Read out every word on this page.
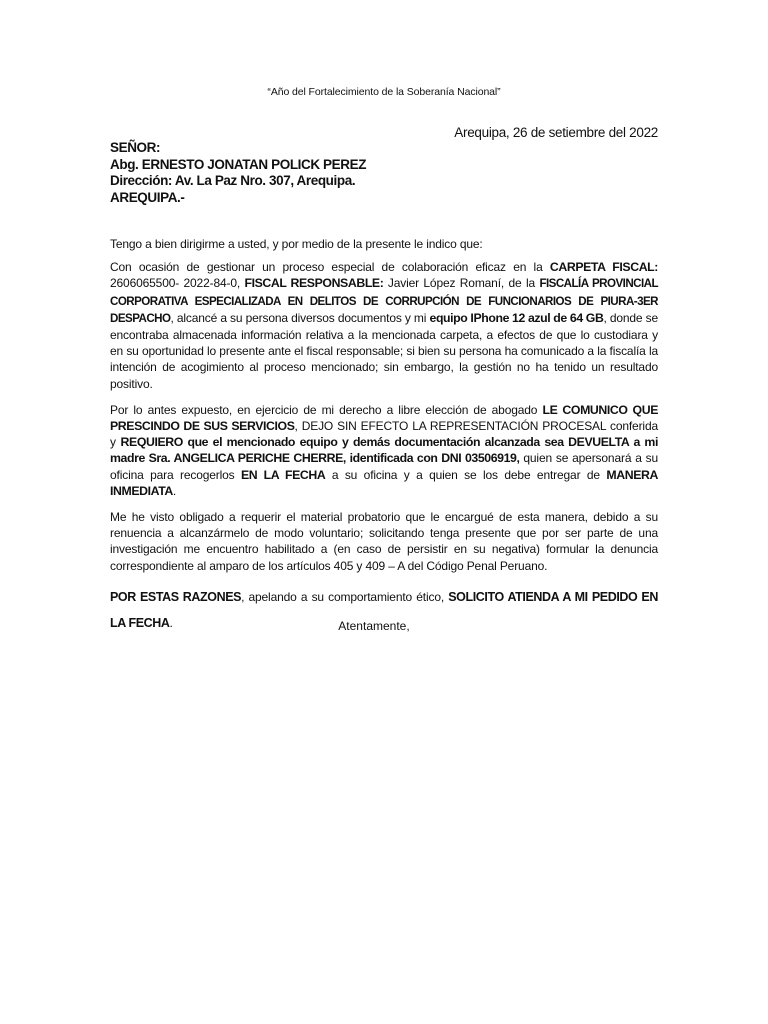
“Año del Fortalecimiento de la Soberanía Nacional”
Arequipa, 26 de setiembre del 2022
SEÑOR:
Abg. ERNESTO JONATAN POLICK PEREZ
Dirección: Av. La Paz Nro. 307, Arequipa.
AREQUIPA.-

Tengo a bien dirigirme a usted, y por medio de la presente le indico que:

Con ocasión de gestionar un proceso especial de colaboración eficaz en la CARPETA FISCAL: 2606065500- 2022-84-0, FISCAL RESPONSABLE: Javier López Romaní, de la FISCALÍA PROVINCIAL CORPORATIVA ESPECIALIZADA EN DELITOS DE CORRUPCIÓN DE FUNCIONARIOS DE PIURA-3ER DESPACHO, alcancé a su persona diversos documentos y mi equipo IPhone 12 azul de 64 GB, donde se encontraba almacenada información relativa a la mencionada carpeta, a efectos de que lo custodiara y en su oportunidad lo presente ante el fiscal responsable; si bien su persona ha comunicado a la fiscalía la intención de acogimiento al proceso mencionado; sin embargo, la gestión no ha tenido un resultado positivo.

Por lo antes expuesto, en ejercicio de mi derecho a libre elección de abogado LE COMUNICO QUE PRESCINDO DE SUS SERVICIOS, DEJO SIN EFECTO LA REPRESENTACIÓN PROCESAL conferida y REQUIERO que el mencionado equipo y demás documentación alcanzada sea DEVUELTA a mi madre Sra. ANGELICA PERICHE CHERRE, identificada con DNI 03506919, quien se apersonará a su oficina para recogerlos EN LA FECHA a su oficina y a quien se los debe entregar de MANERA INMEDIATA.

Me he visto obligado a requerir el material probatorio que le encargué de esta manera, debido a su renuencia a alcanzármelo de modo voluntario; solicitando tenga presente que por ser parte de una investigación me encuentro habilitado a (en caso de persistir en su negativa) formular la denuncia correspondiente al amparo de los artículos 405 y 409 – A del Código Penal Peruano.

POR ESTAS RAZONES, apelando a su comportamiento ético, SOLICITO ATIENDA A MI PEDIDO EN LA FECHA.	Atentamente,
